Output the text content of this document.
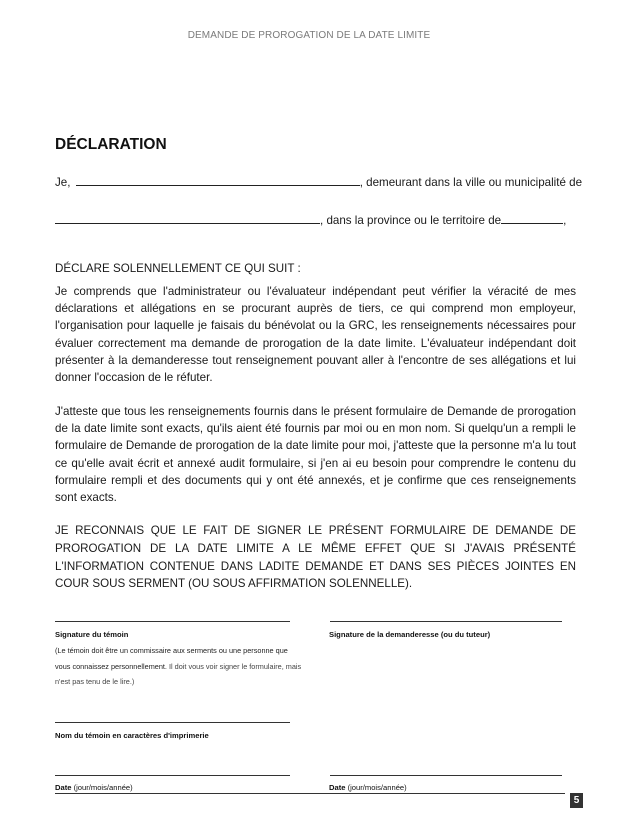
DEMANDE DE PROROGATION DE LA DATE LIMITE
DÉCLARATION
Je,	, demeurant dans la ville ou municipalité de
, dans la province ou le territoire de	,
DÉCLARE SOLENNELLEMENT CE QUI SUIT :
Je comprends que l'administrateur ou l'évaluateur indépendant peut vérifier la véracité de mes déclarations et allégations en se procurant auprès de tiers, ce qui comprend mon employeur, l'organisation pour laquelle je faisais du bénévolat ou la GRC, les renseignements nécessaires pour évaluer correctement ma demande de prorogation de la date limite. L'évaluateur indépendant doit présenter à la demanderesse tout renseignement pouvant aller à l'encontre de ses allégations et lui donner l'occasion de le réfuter.
J'atteste que tous les renseignements fournis dans le présent formulaire de Demande de prorogation de la date limite sont exacts, qu'ils aient été fournis par moi ou en mon nom. Si quelqu'un a rempli le formulaire de Demande de prorogation de la date limite pour moi, j'atteste que la personne m'a lu tout ce qu'elle avait écrit et annexé audit formulaire, si j'en ai eu besoin pour comprendre le contenu du formulaire rempli et des documents qui y ont été annexés, et je confirme que ces renseignements sont exacts.
JE RECONNAIS QUE LE FAIT DE SIGNER LE PRÉSENT FORMULAIRE DE DEMANDE DE PROROGATION DE LA DATE LIMITE A LE MÊME EFFET QUE SI J'AVAIS PRÉSENTÉ L'INFORMATION CONTENUE DANS LADITE DEMANDE ET DANS SES PIÈCES JOINTES EN COUR SOUS SERMENT (OU SOUS AFFIRMATION SOLENNELLE).
Signature du témoin
(Le témoin doit être un commissaire aux serments ou une personne que vous connaissez personnellement. Il doit vous voir signer le formulaire, mais n'est pas tenu de le lire.)
Signature de la demanderesse (ou du tuteur)
Nom du témoin en caractères d'imprimerie
Date (jour/mois/année)	Date (jour/mois/année)
5
